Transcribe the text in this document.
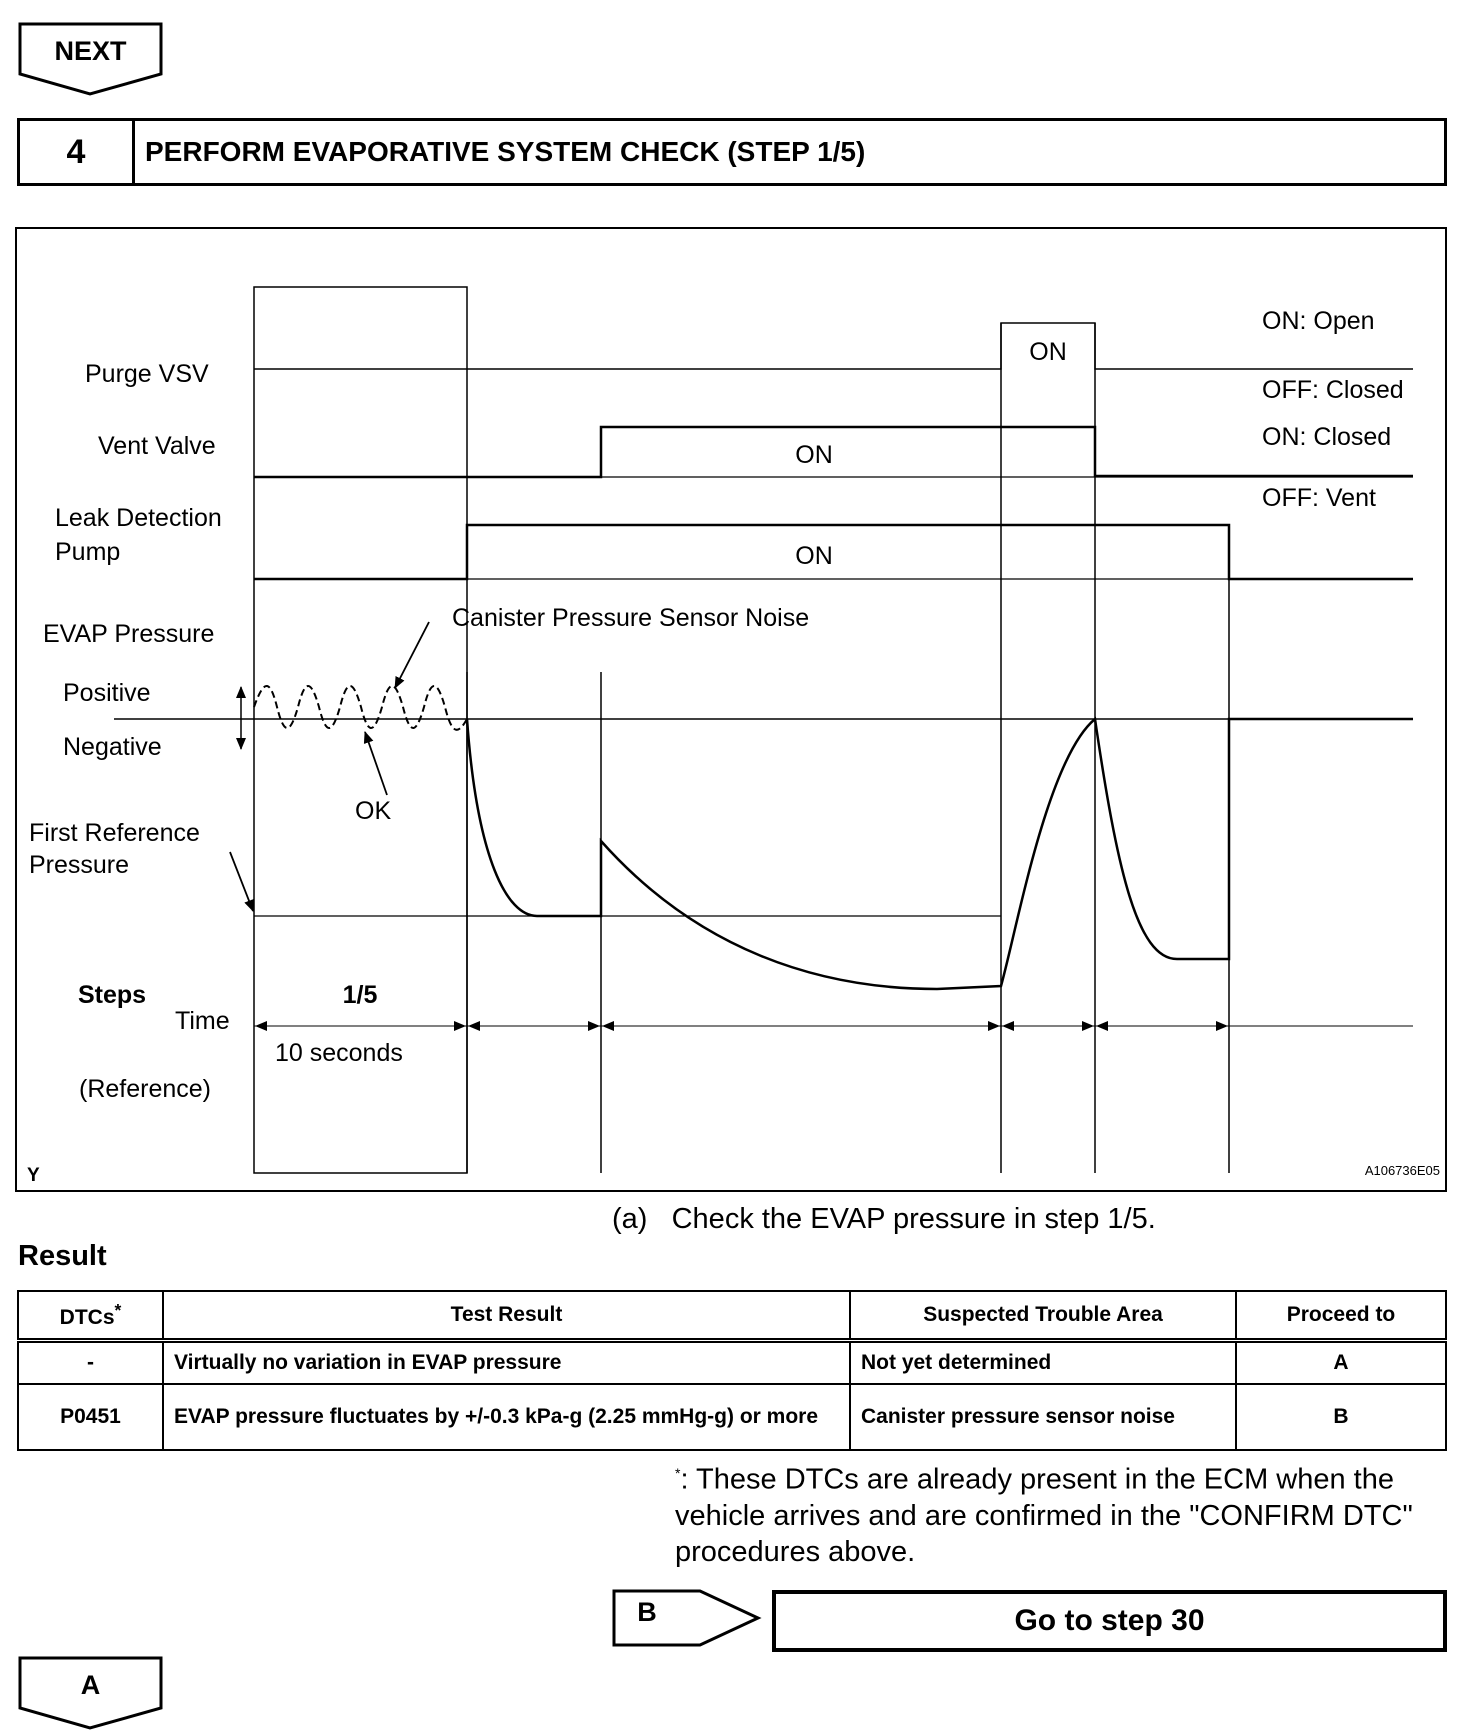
NEXT
4	PERFORM EVAPORATIVE SYSTEM CHECK (STEP 1/5)
Purge VSV
Vent Valve
Leak Detection
Pump
EVAP Pressure
Positive
Negative
First Reference
Pressure
ON
ON
ON
ON: Open
OFF: Closed
ON: Closed
OFF: Vent
Canister Pressure Sensor Noise
OK
Steps
Time
(Reference)
1/5
10 seconds
Y	A106736E05
(a)   Check the EVAP pressure in step 1/5.
Result
DTCs*	Test Result	Suspected Trouble Area	Proceed to
-	Virtually no variation in EVAP pressure	Not yet determined	A
P0451	EVAP pressure fluctuates by +/-0.3 kPa-g (2.25 mmHg-g) or more	Canister pressure sensor noise	B
*: These DTCs are already present in the ECM when the vehicle arrives and are confirmed in the "CONFIRM DTC" procedures above.
B	Go to step 30
A
